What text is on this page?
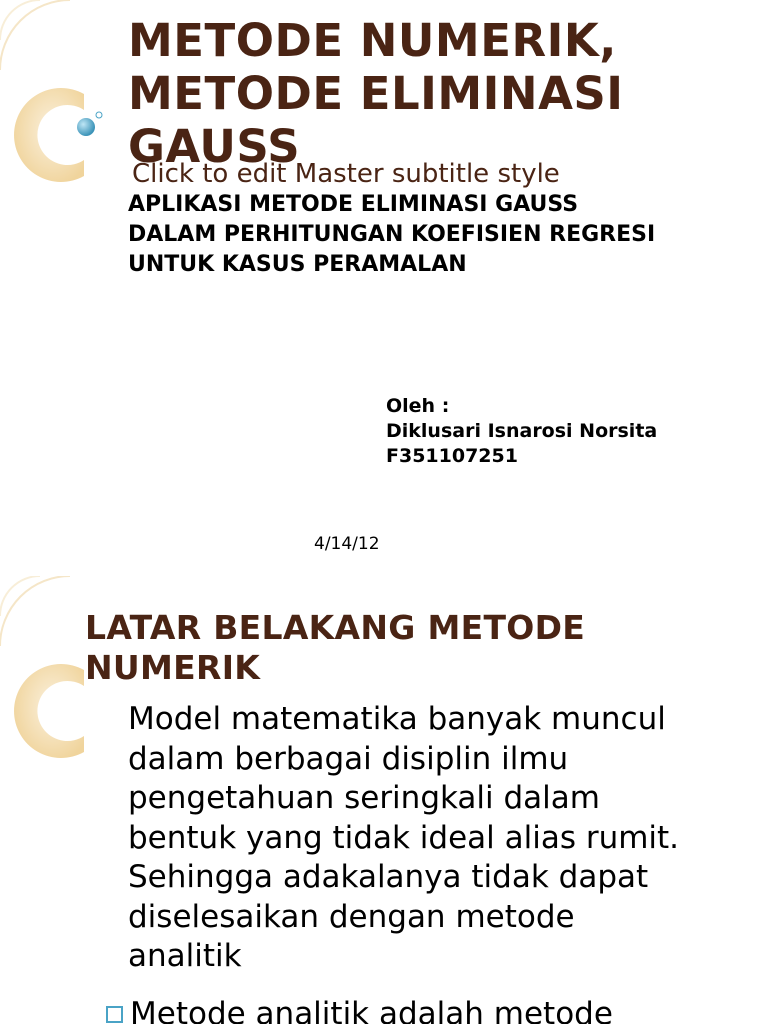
METODE NUMERIK,
METODE ELIMINASI
GAUSS
Click to edit Master subtitle style
APLIKASI METODE ELIMINASI GAUSS
DALAM PERHITUNGAN KOEFISIEN REGRESI
UNTUK KASUS PERAMALAN
Oleh :
Diklusari Isnarosi Norsita
F351107251
4/14/12
LATAR BELAKANG METODE
NUMERIK
Model matematika banyak muncul
dalam berbagai disiplin ilmu
pengetahuan seringkali dalam
bentuk yang tidak ideal alias rumit.
Sehingga adakalanya tidak dapat
diselesaikan dengan metode
analitik
Metode analitik adalah metode
